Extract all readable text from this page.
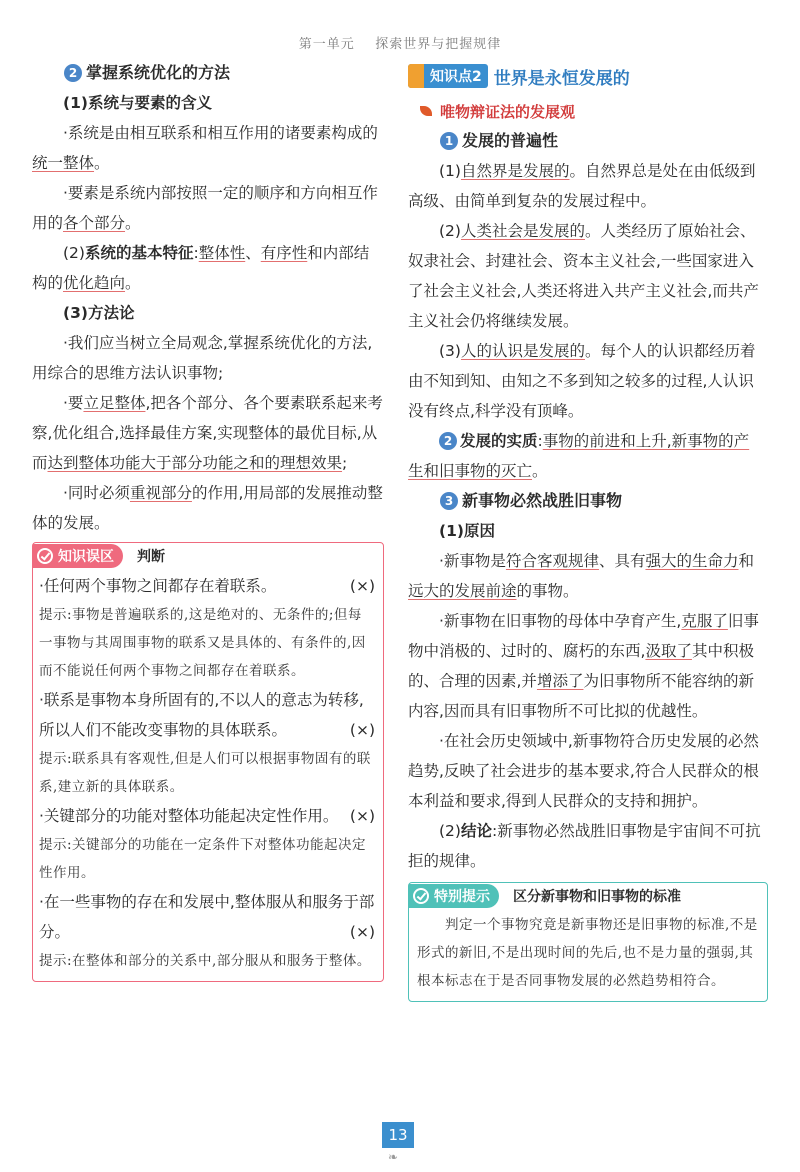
第一单元 探索世界与把握规律

2 掌握系统优化的方法

(1)系统与要素的含义

·系统是由相互联系和相互作用的诸要素构成的统一整体。

·要素是系统内部按照一定的顺序和方向相互作用的各个部分。

(2)系统的基本特征:整体性、有序性和内部结构的优化趋向。

(3)方法论

·我们应当树立全局观念,掌握系统优化的方法,用综合的思维方法认识事物;

·要立足整体,把各个部分、各个要素联系起来考察,优化组合,选择最佳方案,实现整体的最优目标,从而达到整体功能大于部分功能之和的理想效果;

·同时必须重视部分的作用,用局部的发展推动整体的发展。

知识误区 判断

·任何两个事物之间都存在着联系。	(×)

提示:事物是普遍联系的,这是绝对的、无条件的;但每一事物与其周围事物的联系又是具体的、有条件的,因而不能说任何两个事物之间都存在着联系。

·联系是事物本身所固有的,不以人的意志为转移,所以人们不能改变事物的具体联系。	(×)

提示:联系具有客观性,但是人们可以根据事物固有的联系,建立新的具体联系。

·关键部分的功能对整体功能起决定性作用。 (×)

提示:关键部分的功能在一定条件下对整体功能起决定性作用。

·在一些事物的存在和发展中,整体服从和服务于部分。	(×)

提示:在整体和部分的关系中,部分服从和服务于整体。

知识点2 世界是永恒发展的
唯物辩证法的发展观

1 发展的普遍性

(1)自然界是发展的。自然界总是处在由低级到高级、由简单到复杂的发展过程中。

(2)人类社会是发展的。人类经历了原始社会、奴隶社会、封建社会、资本主义社会,一些国家进入了社会主义社会,人类还将进入共产主义社会,而共产主义社会仍将继续发展。

(3)人的认识是发展的。每个人的认识都经历着由不知到知、由知之不多到知之较多的过程,人认识没有终点,科学没有顶峰。

2 发展的实质:事物的前进和上升,新事物的产生和旧事物的灭亡。

3 新事物必然战胜旧事物

(1)原因

·新事物是符合客观规律、具有强大的生命力和远大的发展前途的事物。

·新事物在旧事物的母体中孕育产生,克服了旧事物中消极的、过时的、腐朽的东西,汲取了其中积极的、合理的因素,并增添了为旧事物所不能容纳的新内容,因而具有旧事物所不可比拟的优越性。

·在社会历史领域中,新事物符合历史发展的必然趋势,反映了社会进步的基本要求,符合人民群众的根本利益和要求,得到人民群众的支持和拥护。

(2)结论:新事物必然战胜旧事物是宇宙间不可抗拒的规律。

特别提示 区分新事物和旧事物的标准

判定一个事物究竟是新事物还是旧事物的标准,不是形式的新旧,不是出现时间的先后,也不是力量的强弱,其根本标志在于是否同事物发展的必然趋势相符合。

13
❧
